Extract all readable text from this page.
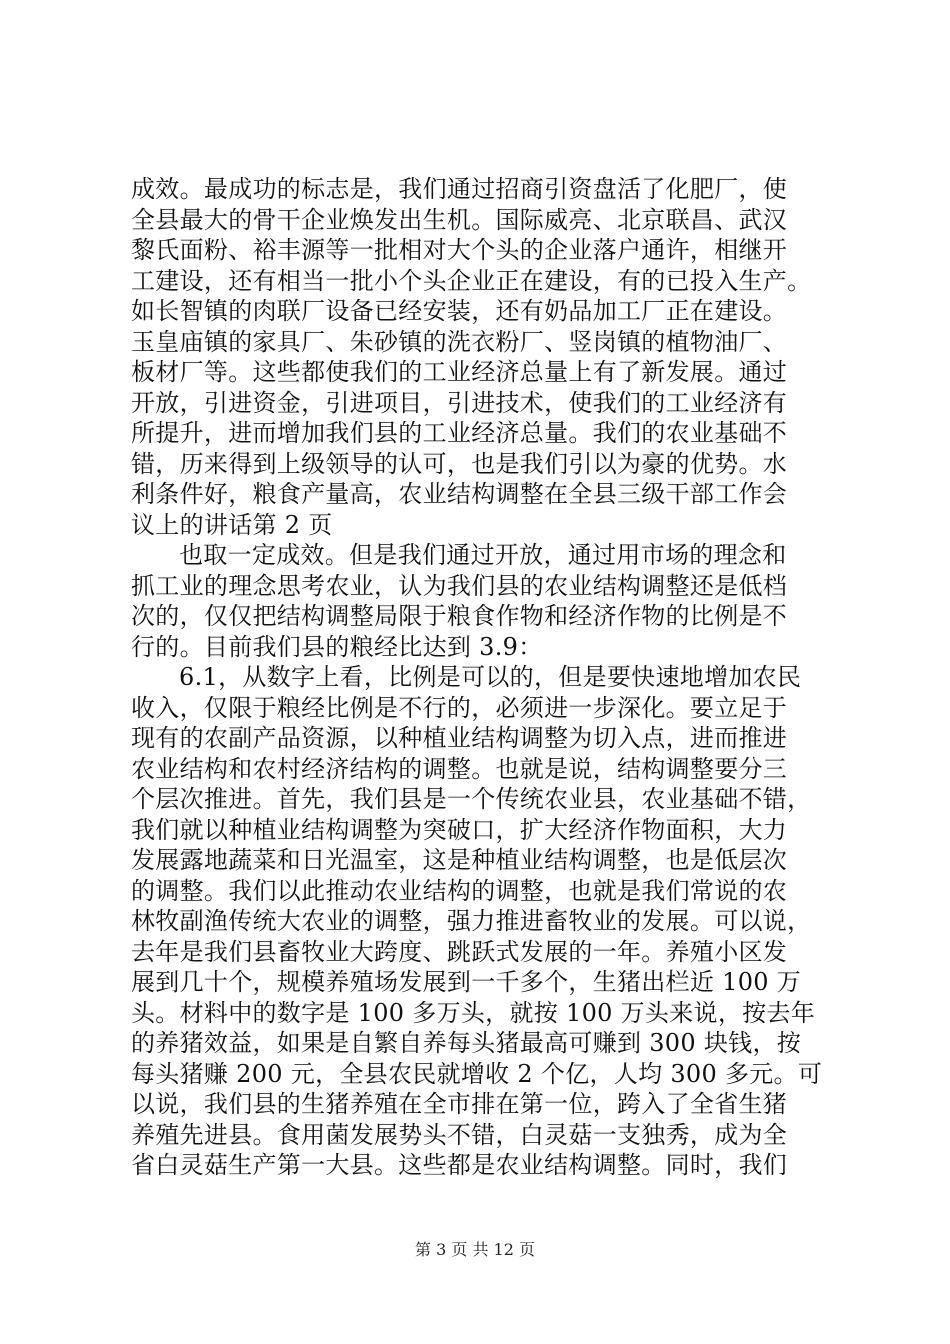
成效。最成功的标志是，我们通过招商引资盘活了化肥厂，使
全县最大的骨干企业焕发出生机。国际威亮、北京联昌、武汉
黎氏面粉、裕丰源等一批相对大个头的企业落户通许，相继开
工建设，还有相当一批小个头企业正在建设，有的已投入生产。
如长智镇的肉联厂设备已经安装，还有奶品加工厂正在建设。
玉皇庙镇的家具厂、朱砂镇的洗衣粉厂、竖岗镇的植物油厂、
板材厂等。这些都使我们的工业经济总量上有了新发展。通过
开放，引进资金，引进项目，引进技术，使我们的工业经济有
所提升，进而增加我们县的工业经济总量。我们的农业基础不
错，历来得到上级领导的认可，也是我们引以为豪的优势。水
利条件好，粮食产量高，农业结构调整在全县三级干部工作会
议上的讲话第 2 页
也取一定成效。但是我们通过开放，通过用市场的理念和
抓工业的理念思考农业，认为我们县的农业结构调整还是低档
次的，仅仅把结构调整局限于粮食作物和经济作物的比例是不
行的。目前我们县的粮经比达到 3.9：
6.1，从数字上看，比例是可以的，但是要快速地增加农民
收入，仅限于粮经比例是不行的，必须进一步深化。要立足于
现有的农副产品资源，以种植业结构调整为切入点，进而推进
农业结构和农村经济结构的调整。也就是说，结构调整要分三
个层次推进。首先，我们县是一个传统农业县，农业基础不错，
我们就以种植业结构调整为突破口，扩大经济作物面积，大力
发展露地蔬菜和日光温室，这是种植业结构调整，也是低层次
的调整。我们以此推动农业结构的调整，也就是我们常说的农
林牧副渔传统大农业的调整，强力推进畜牧业的发展。可以说，
去年是我们县畜牧业大跨度、跳跃式发展的一年。养殖小区发
展到几十个，规模养殖场发展到一千多个，生猪出栏近 100 万
头。材料中的数字是 100 多万头，就按 100 万头来说，按去年
的养猪效益，如果是自繁自养每头猪最高可赚到 300 块钱，按
每头猪赚 200 元，全县农民就增收 2 个亿，人均 300 多元。可
以说，我们县的生猪养殖在全市排在第一位，跨入了全省生猪
养殖先进县。食用菌发展势头不错，白灵菇一支独秀，成为全
省白灵菇生产第一大县。这些都是农业结构调整。同时，我们
第 3 页 共 12 页
